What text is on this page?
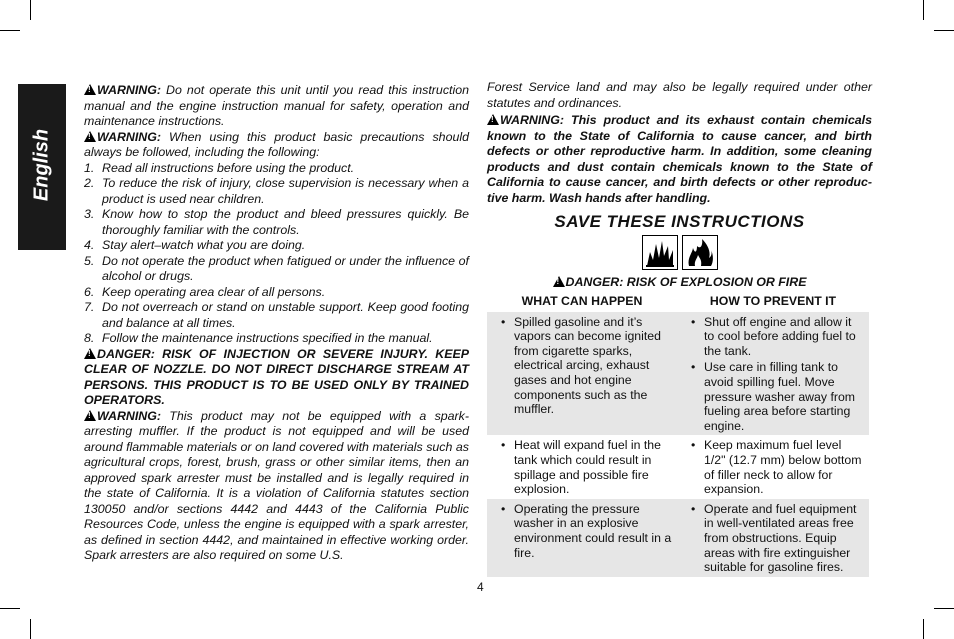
English

!WARNING: Do not operate this unit until you read this instruction manual and the engine instruction manual for safety, operation and maintenance instructions.

!WARNING: When using this product basic precautions should always be followed, including the following:

1. Read all instructions before using the product.
2. To reduce the risk of injury, close supervision is necessary when a product is used near children.
3. Know how to stop the product and bleed pressures quickly. Be thoroughly familiar with the controls.
4. Stay alert–watch what you are doing.
5. Do not operate the product when fatigued or under the influence of alcohol or drugs.
6. Keep operating area clear of all persons.
7. Do not overreach or stand on unstable support. Keep good footing and balance at all times.
8. Follow the maintenance instructions specified in the manual.

!DANGER: RISK OF INJECTION OR SEVERE INJURY. KEEP CLEAR OF NOZZLE. DO NOT DIRECT DISCHARGE STREAM AT PERSONS. THIS PRODUCT IS TO BE USED ONLY BY TRAINED OPERATORS.

!WARNING: This product may not be equipped with a spark-arresting muffler. If the product is not equipped and will be used around flammable materials or on land covered with materials such as agricultural crops, forest, brush, grass or other similar items, then an approved spark arrester must be installed and is legally required in the state of California. It is a violation of California statutes section 130050 and/or sections 4442 and 4443 of the California Public Resources Code, unless the engine is equipped with a spark arrester, as defined in section 4442, and maintained in effective working order. Spark arresters are also required on some U.S.

Forest Service land and may also be legally required under other statutes and ordinances.

!WARNING: This product and its exhaust contain chemicals known to the State of California to cause cancer, and birth defects or other reproductive harm. In addition, some cleaning products and dust contain chemicals known to the State of California to cause cancer, and birth defects or other reproduc-tive harm. Wash hands after handling.

SAVE THESE INSTRUCTIONS
!DANGER: RISK OF EXPLOSION OR FIRE
WHAT CAN HAPPEN	HOW TO PREVENT IT

• Spilled gasoline and it’s vapors can become ignited from cigarette sparks, electrical arcing, exhaust gases and hot engine components such as the muffler.	• Shut off engine and allow it to cool before adding fuel to the tank.
• Use care in filling tank to avoid spilling fuel. Move pressure washer away from fueling area before starting engine.

• Heat will expand fuel in the tank which could result in spillage and possible fire explosion.	• Keep maximum fuel level 1/2" (12.7 mm) below bottom of filler neck to allow for expansion.

• Operating the pressure washer in an explosive environment could result in a fire.	• Operate and fuel equipment in well-ventilated areas free from obstructions. Equip areas with fire extinguisher suitable for gasoline fires.
4
